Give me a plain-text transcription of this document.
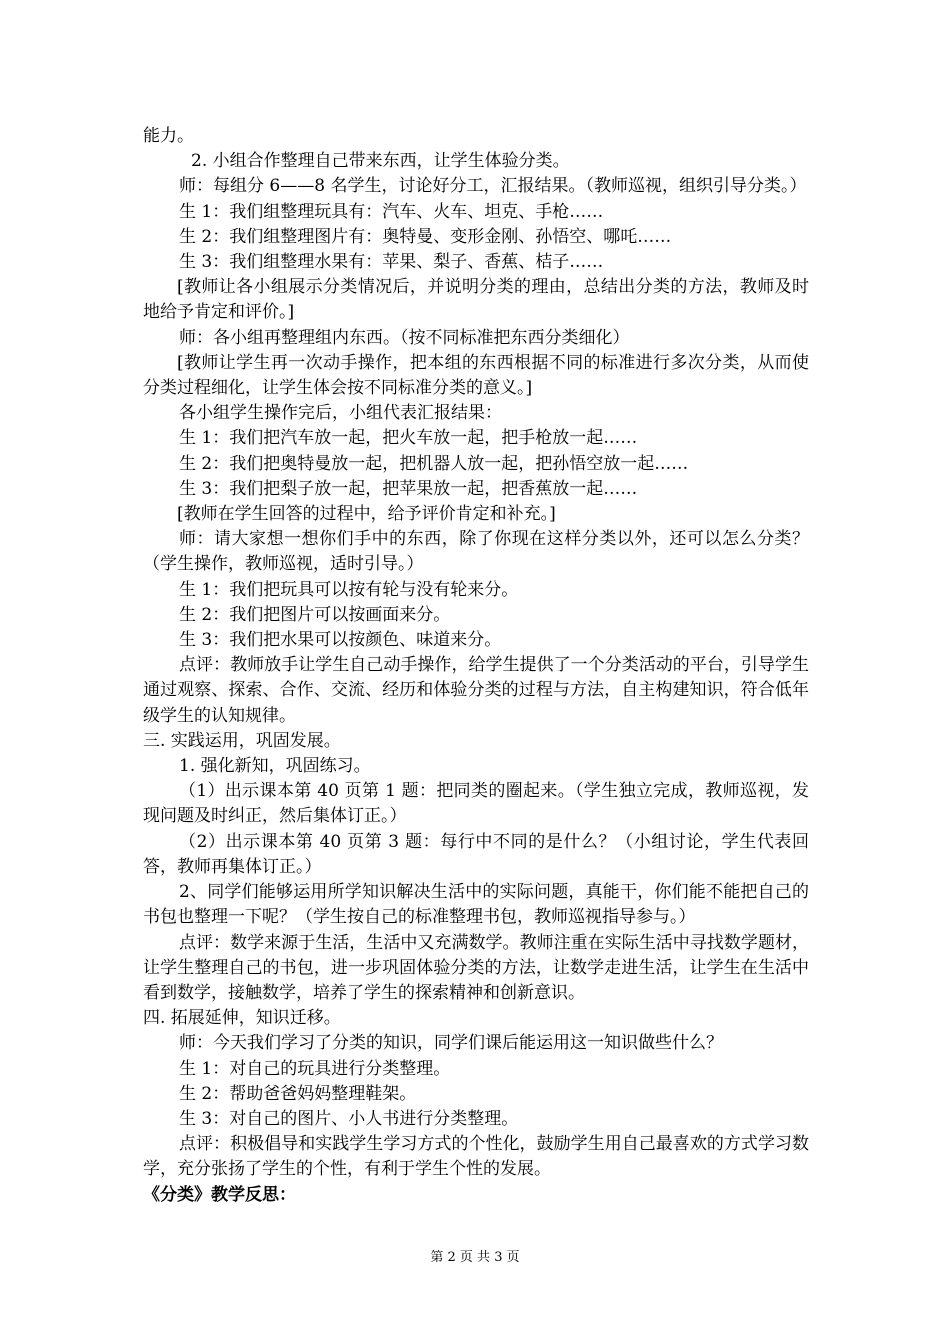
能力。

2. 小组合作整理自己带来东西，让学生体验分类。

师：每组分 6——8 名学生，讨论好分工，汇报结果。（教师巡视，组织引导分类。）

生 1：我们组整理玩具有：汽车、火车、坦克、手枪……

生 2：我们组整理图片有：奥特曼、变形金刚、孙悟空、哪吒……

生 3：我们组整理水果有：苹果、梨子、香蕉、桔子……

[教师让各小组展示分类情况后，并说明分类的理由，总结出分类的方法，教师及时地给予肯定和评价。]

师：各小组再整理组内东西。（按不同标准把东西分类细化）

[教师让学生再一次动手操作，把本组的东西根据不同的标准进行多次分类，从而使分类过程细化，让学生体会按不同标准分类的意义。]

各小组学生操作完后，小组代表汇报结果：

生 1：我们把汽车放一起，把火车放一起，把手枪放一起……

生 2：我们把奥特曼放一起，把机器人放一起，把孙悟空放一起……

生 3：我们把梨子放一起，把苹果放一起，把香蕉放一起……

[教师在学生回答的过程中，给予评价肯定和补充。]

师：请大家想一想你们手中的东西，除了你现在这样分类以外，还可以怎么分类？（学生操作，教师巡视，适时引导。）

生 1：我们把玩具可以按有轮与没有轮来分。

生 2：我们把图片可以按画面来分。

生 3：我们把水果可以按颜色、味道来分。

点评：教师放手让学生自己动手操作，给学生提供了一个分类活动的平台，引导学生通过观察、探索、合作、交流、经历和体验分类的过程与方法，自主构建知识，符合低年级学生的认知规律。

三. 实践运用，巩固发展。

1. 强化新知，巩固练习。

（1）出示课本第 40 页第 1 题：把同类的圈起来。（学生独立完成，教师巡视，发现问题及时纠正，然后集体订正。）

（2）出示课本第 40 页第 3 题：每行中不同的是什么？（小组讨论，学生代表回答，教师再集体订正。）

2、同学们能够运用所学知识解决生活中的实际问题，真能干，你们能不能把自己的书包也整理一下呢？（学生按自己的标准整理书包，教师巡视指导参与。）

点评：数学来源于生活，生活中又充满数学。教师注重在实际生活中寻找数学题材，让学生整理自己的书包，进一步巩固体验分类的方法，让数学走进生活，让学生在生活中看到数学，接触数学，培养了学生的探索精神和创新意识。

四. 拓展延伸，知识迁移。

师：今天我们学习了分类的知识，同学们课后能运用这一知识做些什么？

生 1：对自己的玩具进行分类整理。

生 2：帮助爸爸妈妈整理鞋架。

生 3：对自己的图片、小人书进行分类整理。

点评：积极倡导和实践学生学习方式的个性化，鼓励学生用自己最喜欢的方式学习数学，充分张扬了学生的个性，有利于学生个性的发展。

《分类》教学反思：

第 2 页 共 3 页
